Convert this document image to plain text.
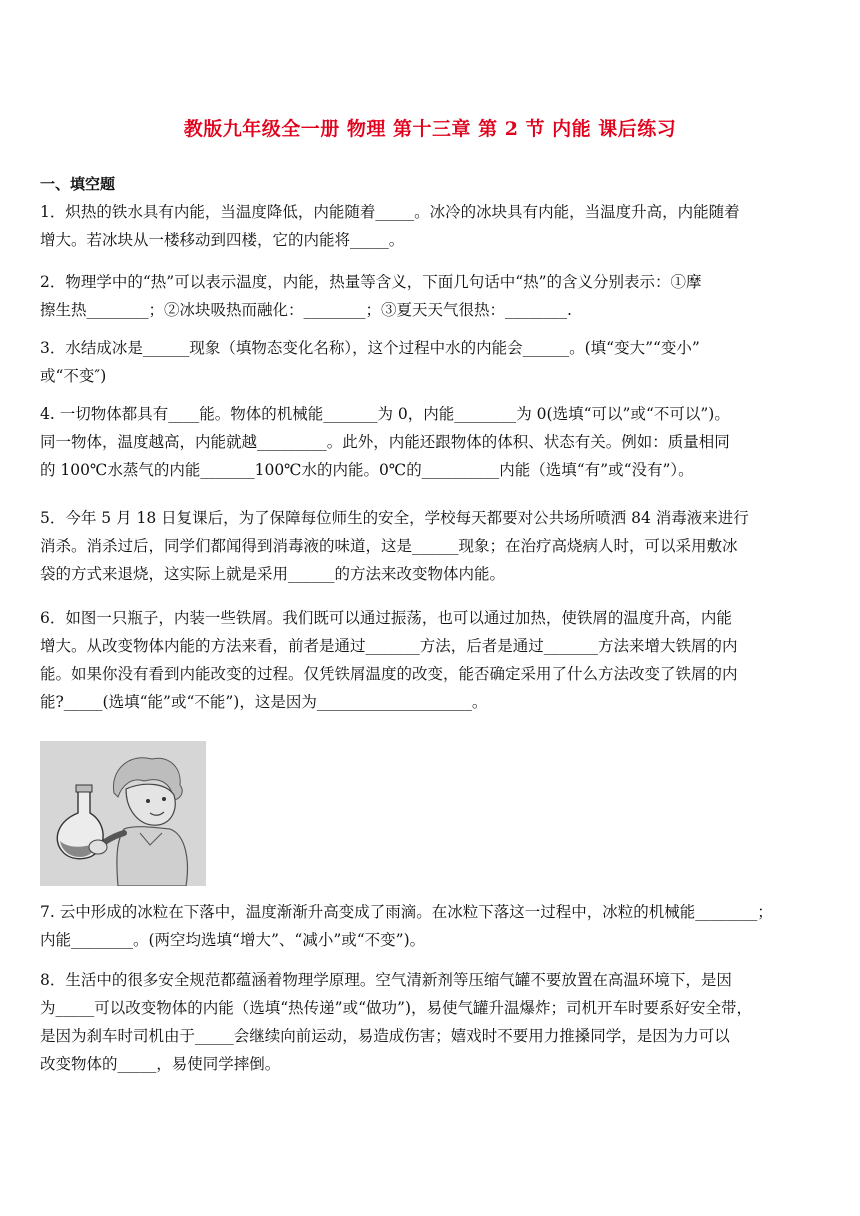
教版九年级全一册 物理 第十三章 第 2 节 内能 课后练习
一、填空题
1．炽热的铁水具有内能，当温度降低，内能随着_____。冰冷的冰块具有内能，当温度升高，内能随着
增大。若冰块从一楼移动到四楼，它的内能将_____。
2．物理学中的“热”可以表示温度，内能，热量等含义，下面几句话中“热”的含义分别表示：①摩
擦生热________；②冰块吸热而融化：________；③夏天天气很热：________.
3．水结成冰是______现象（填物态变化名称），这个过程中水的内能会______。(填“变大”“变小”
或“不变″)
4. 一切物体都具有____能。物体的机械能_______为 0，内能________为 0(选填“可以”或“不可以”)。
同一物体，温度越高，内能就越_________。此外，内能还跟物体的体积、状态有关。例如：质量相同
的 100℃水蒸气的内能_______100℃水的内能。0℃的__________内能（选填“有”或“没有”）。
5．今年 5 月 18 日复课后，为了保障每位师生的安全，学校每天都要对公共场所喷洒 84 消毒液来进行
消杀。消杀过后，同学们都闻得到消毒液的味道，这是______现象；在治疗高烧病人时，可以采用敷冰
袋的方式来退烧，这实际上就是采用______的方法来改变物体内能。
6．如图一只瓶子，内装一些铁屑。我们既可以通过振荡，也可以通过加热，使铁屑的温度升高，内能
增大。从改变物体内能的方法来看，前者是通过_______方法，后者是通过_______方法来增大铁屑的内
能。如果你没有看到内能改变的过程。仅凭铁屑温度的改变，能否确定采用了什么方法改变了铁屑的内
能?_____(选填“能”或“不能”)，这是因为____________________。
7. 云中形成的冰粒在下落中，温度渐渐升高变成了雨滴。在冰粒下落这一过程中，冰粒的机械能________；
内能________。(两空均选填“增大”、“减小”或“不变”)。
8．生活中的很多安全规范都蕴涵着物理学原理。空气清新剂等压缩气罐不要放置在高温环境下，是因
为_____可以改变物体的内能（选填“热传递”或“做功”)，易使气罐升温爆炸；司机开车时要系好安全带，
是因为刹车时司机由于_____会继续向前运动，易造成伤害；嬉戏时不要用力推搡同学，是因为力可以
改变物体的_____，易使同学摔倒。
